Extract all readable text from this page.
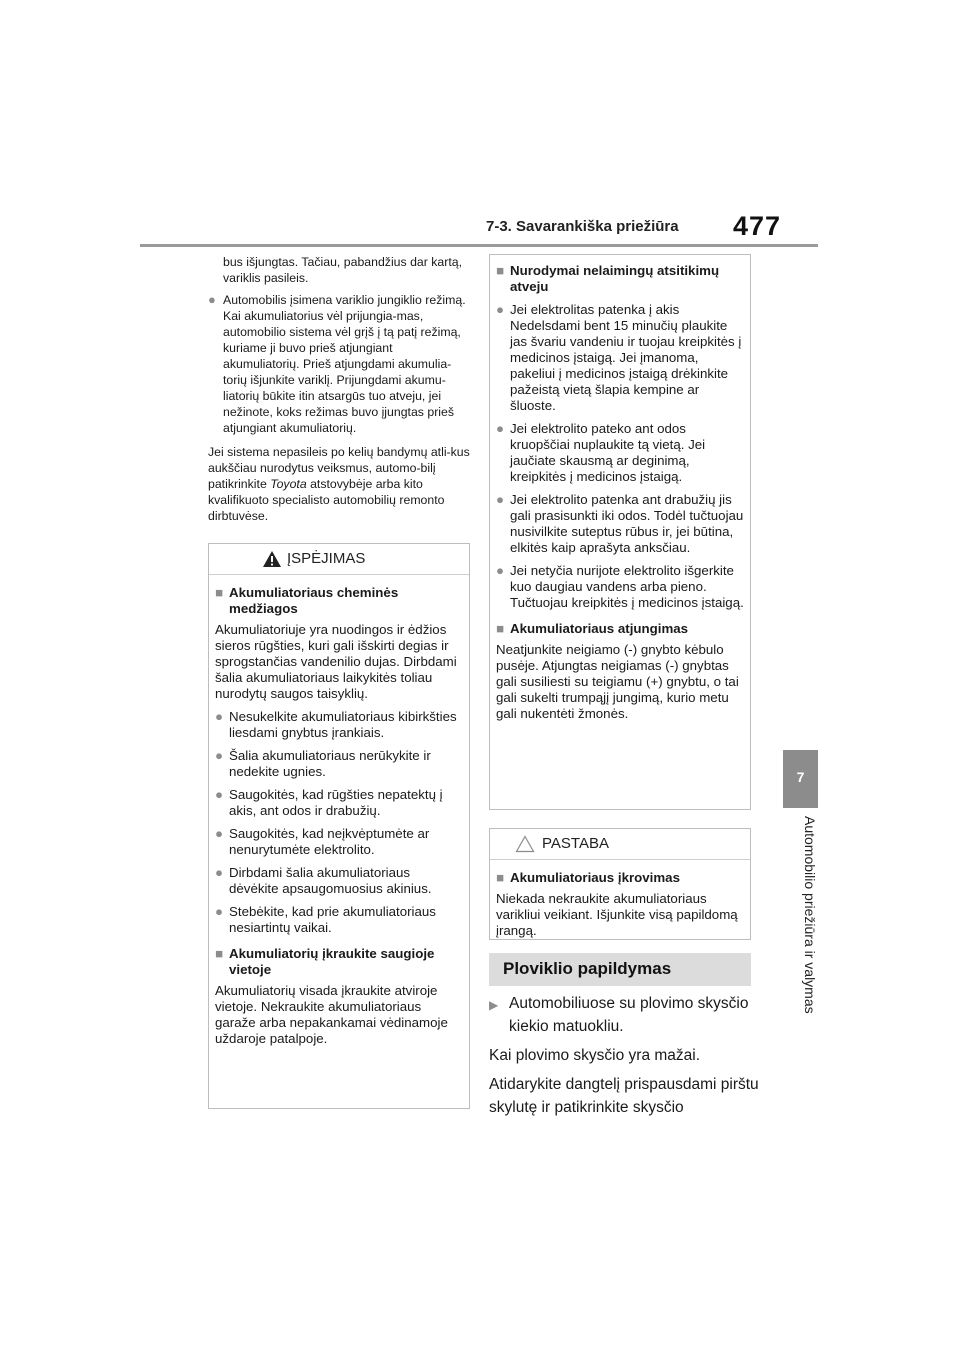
7-3. Savarankiška priežiūra 477
7
Automobilio priežiūra ir valymas

bus išjungtas. Tačiau, pabandžius dar kartą, variklis pasileis.

● Automobilis įsimena variklio jungiklio režimą. Kai akumuliatorius vėl prijungia-mas, automobilio sistema vėl grįš į tą patį režimą, kuriame ji buvo prieš atjungiant akumuliatorių. Prieš atjungdami akumulia-torių išjunkite variklį. Prijungdami akumu-liatorių būkite itin atsargūs tuo atveju, jei nežinote, koks režimas buvo įjungtas prieš atjungiant akumuliatorių.
Jei sistema nepasileis po kelių bandymų atli-kus aukščiau nurodytus veiksmus, automo-bilį patikrinkite Toyota atstovybėje arba kito kvalifikuoto specialisto automobilių remonto dirbtuvėse.
ĮSPĖJIMAS
■ Akumuliatoriaus cheminės medžiagos
Akumuliatoriuje yra nuodingos ir ėdžios sieros rūgšties, kuri gali išskirti degias ir sprogstančias vandenilio dujas. Dirbdami šalia akumuliatoriaus laikykitės toliau nurodytų saugos taisyklių.
● Nesukelkite akumuliatoriaus kibirkšties liesdami gnybtus įrankiais.
● Šalia akumuliatoriaus nerūkykite ir nedekite ugnies.
● Saugokitės, kad rūgšties nepatektų į akis, ant odos ir drabužių.
● Saugokitės, kad neįkvėptumėte ar nenurytumėte elektrolito.
● Dirbdami šalia akumuliatoriaus dėvėkite apsaugomuosius akinius.
● Stebėkite, kad prie akumuliatoriaus nesiartintų vaikai.
■ Akumuliatorių įkraukite saugioje vietoje
Akumuliatorių visada įkraukite atviroje vietoje. Nekraukite akumuliatoriaus garaže arba nepakankamai vėdinamoje uždaroje patalpoje.
■ Nurodymai nelaimingų atsitikimų atveju
● Jei elektrolitas patenka į akis Nedelsdami bent 15 minučių plaukite jas švariu vandeniu ir tuojau kreipkitės į medicinos įstaigą. Jei įmanoma, pakeliui į medicinos įstaigą drėkinkite pažeistą vietą šlapia kempine ar šluoste.
● Jei elektrolito pateko ant odos kruopščiai nuplaukite tą vietą. Jei jaučiate skausmą ar deginimą, kreipkitės į medicinos įstaigą.
● Jei elektrolito patenka ant drabužių jis gali prasisunkti iki odos. Todėl tučtuojau nusivilkite suteptus rūbus ir, jei būtina, elkitės kaip aprašyta anksčiau.
● Jei netyčia nurijote elektrolito išgerkite kuo daugiau vandens arba pieno. Tučtuojau kreipkitės į medicinos įstaigą.
■ Akumuliatoriaus atjungimas
Neatjunkite neigiamo (-) gnybto kėbulo pusėje. Atjungtas neigiamas (-) gnybtas gali susiliesti su teigiamu (+) gnybtu, o tai gali sukelti trumpąjį jungimą, kurio metu gali nukentėti žmonės.
PASTABA
■ Akumuliatoriaus įkrovimas
Niekada nekraukite akumuliatoriaus varikliui veikiant. Išjunkite visą papildomą įrangą.
Ploviklio papildymas
▶ Automobiliuose su plovimo skysčio kiekio matuokliu.
Kai plovimo skysčio yra mažai.
Atidarykite dangtelį prispausdami pirštu skylutę ir patikrinkite skysčio
